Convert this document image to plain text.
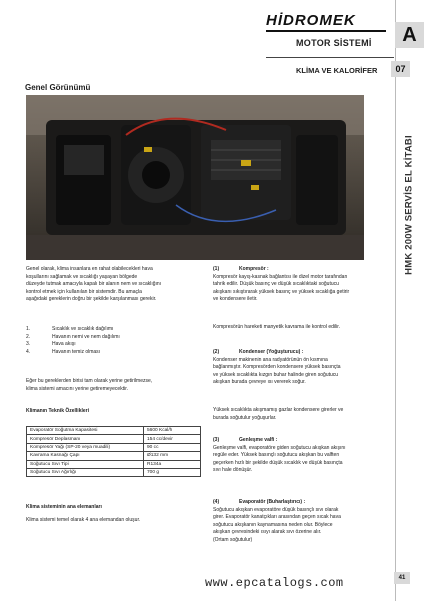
HİDROMEK
MOTOR SİSTEMİ	A
KLİMA VE KALORİFER	07
HMK 200W SERVİS EL KİTABI
Genel Görünümü
Genel olarak, klima insanlara en rahat olabilecekleri hava
koşullarını sağlamak ve sıcaklığı yaşayan bölgede
düzeyde tutmak amacıyla kapalı bir alanın nem ve sıcaklığını
kontrol etmek için kullanılan bir sistemdir. Bu amaçla
aşağıdaki gereklerin doğru bir şekilde karşılanması gerekir.
1.	Sıcaklık ve sıcaklık dağılımı
2.	Havanın nemi ve nem dağılımı
3.	Hava akışı
4.	Havanın temiz olması
Eğer bu gereklerden birisi tam olarak yerine getirilmezse,
klima sistemi amacını yerine getiremeyecektir.
Klimanın Teknik Özellikleri
Evaporatör Soğutma Kapasitesi	5600 Kcal/h
Kompresör Deplasmanı	154 cc/devir
Kompresör Yağı (SP-20 veya muadili)	90 cc
Kavrama Kasnağı Çapı	Ø132 mm
Soğutucu Sıvı Tipi	R134a
Soğutucu Sıvı Ağırlığı	700 g
Klima sisteminin ana elemanları
Klima sistemi temel olarak 4 ana elemandan oluşur.
(1)	Kompresör :
Kompresör kayış-kasnak bağlantısı ile dizel motor tarafından
tahrik edilir. Düşük basınç ve düşük sıcaklıktaki soğutucu
akışkanı sıkıştırarak yüksek basınç ve yüksek sıcaklığa getirir
ve kondensere iletir.
Kompresörün hareketi manyetik kavrama ile kontrol edilir.
(2)	Kondenser (Yoğuşturucu) :
Kondenser makinenin ana radyatörünün ön kısmına
bağlanmıştır. Kompresörden kondensere yüksek basınçta
ve yüksek sıcaklıkta kızgın buhar halinde giren soğutucu
akışkan burada çevreye ısı vererek soğur.
Yüksek sıcaklıkta akışmamış gazlar kondensere girerler ve
burada soğutulur yoğuşurlar.
(3)	Genleşme valfi :
Genleşme valfi, evaporatöre giden soğutucu akışkan akışını
regüle eder. Yüksek basınçlı soğutucu akışkan bu valften
geçerken hızlı bir şekilde düşük sıcaklık ve düşük basınçta
sıvı hale dönüşür.
(4)	Evaporatör (Buharlaştırıcı) :
Soğutucu akışkan evaporatöre düşük basınçlı sıvı olarak
girer. Evaporatör kanatçıkları arasından geçen sıcak hava
soğutucu akışkanın kaynamasına neden olur. Böylece
akışkan çevresindeki ısıyı alarak sıvı özerine alır.
(Ortam soğutulur)
www.epcatalogs.com	41
